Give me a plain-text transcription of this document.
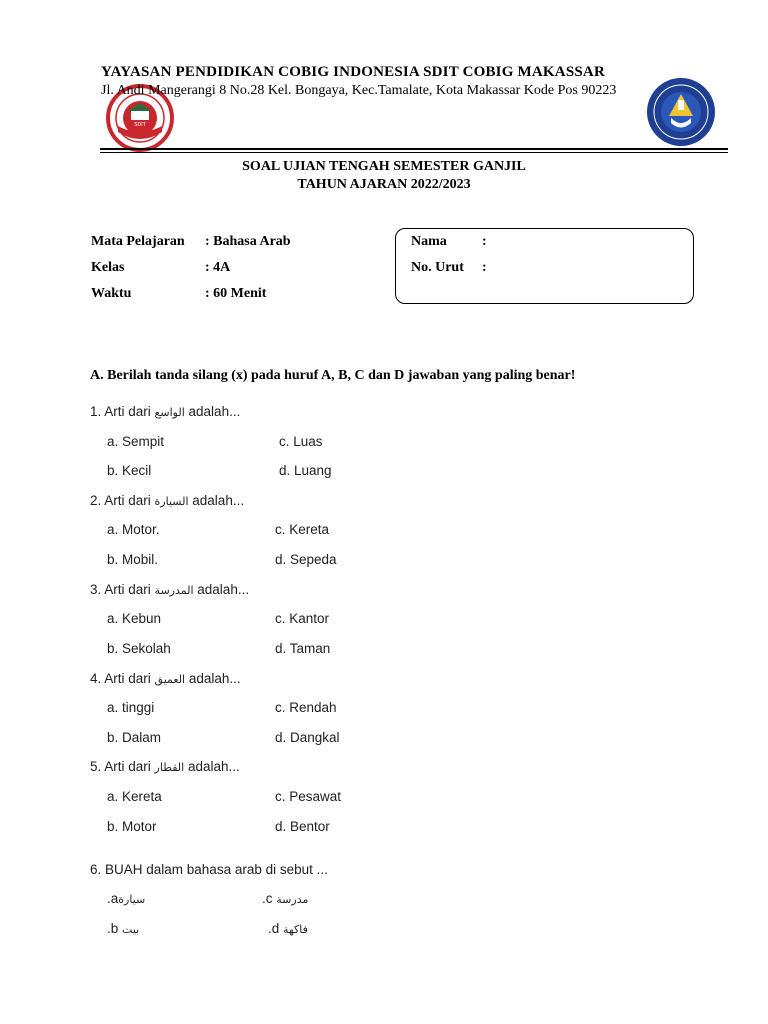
YAYASAN PENDIDIKAN COBIG INDONESIA SDIT COBIG MAKASSAR
SDIT
Jl. Andi Mangerangi 8 No.28 Kel. Bongaya, Kec.Tamalate, Kota Makassar Kode Pos 90223
SOAL UJIAN TENGAH SEMESTER GANJIL
TAHUN AJARAN 2022/2023
Mata Pelajaran : Bahasa Arab
Kelas	: 4A
Waktu	: 60 Menit
Nama	:
No. Urut :
A. Berilah tanda silang (x) pada huruf A, B, C dan D jawaban yang paling benar!
1. Arti dari الواسع adalah...
a. Sempit	c. Luas
b. Kecil	d. Luang
2. Arti dari السيارة adalah...
a. Motor.	c. Kereta
b. Mobil.	d. Sepeda
3. Arti dari المدرسة adalah...
a. Kebun	c. Kantor
b. Sekolah	d. Taman
4. Arti dari العميق adalah...
a. tinggi	c. Rendah
b. Dalam	d. Dangkal
5. Arti dari القطار adalah...
a. Kereta	c. Pesawat
b. Motor	d. Bentor
6. BUAH dalam bahasa arab di sebut ...
.aسيارة	.c مدرسة
.b بيت	.d فاكهة
